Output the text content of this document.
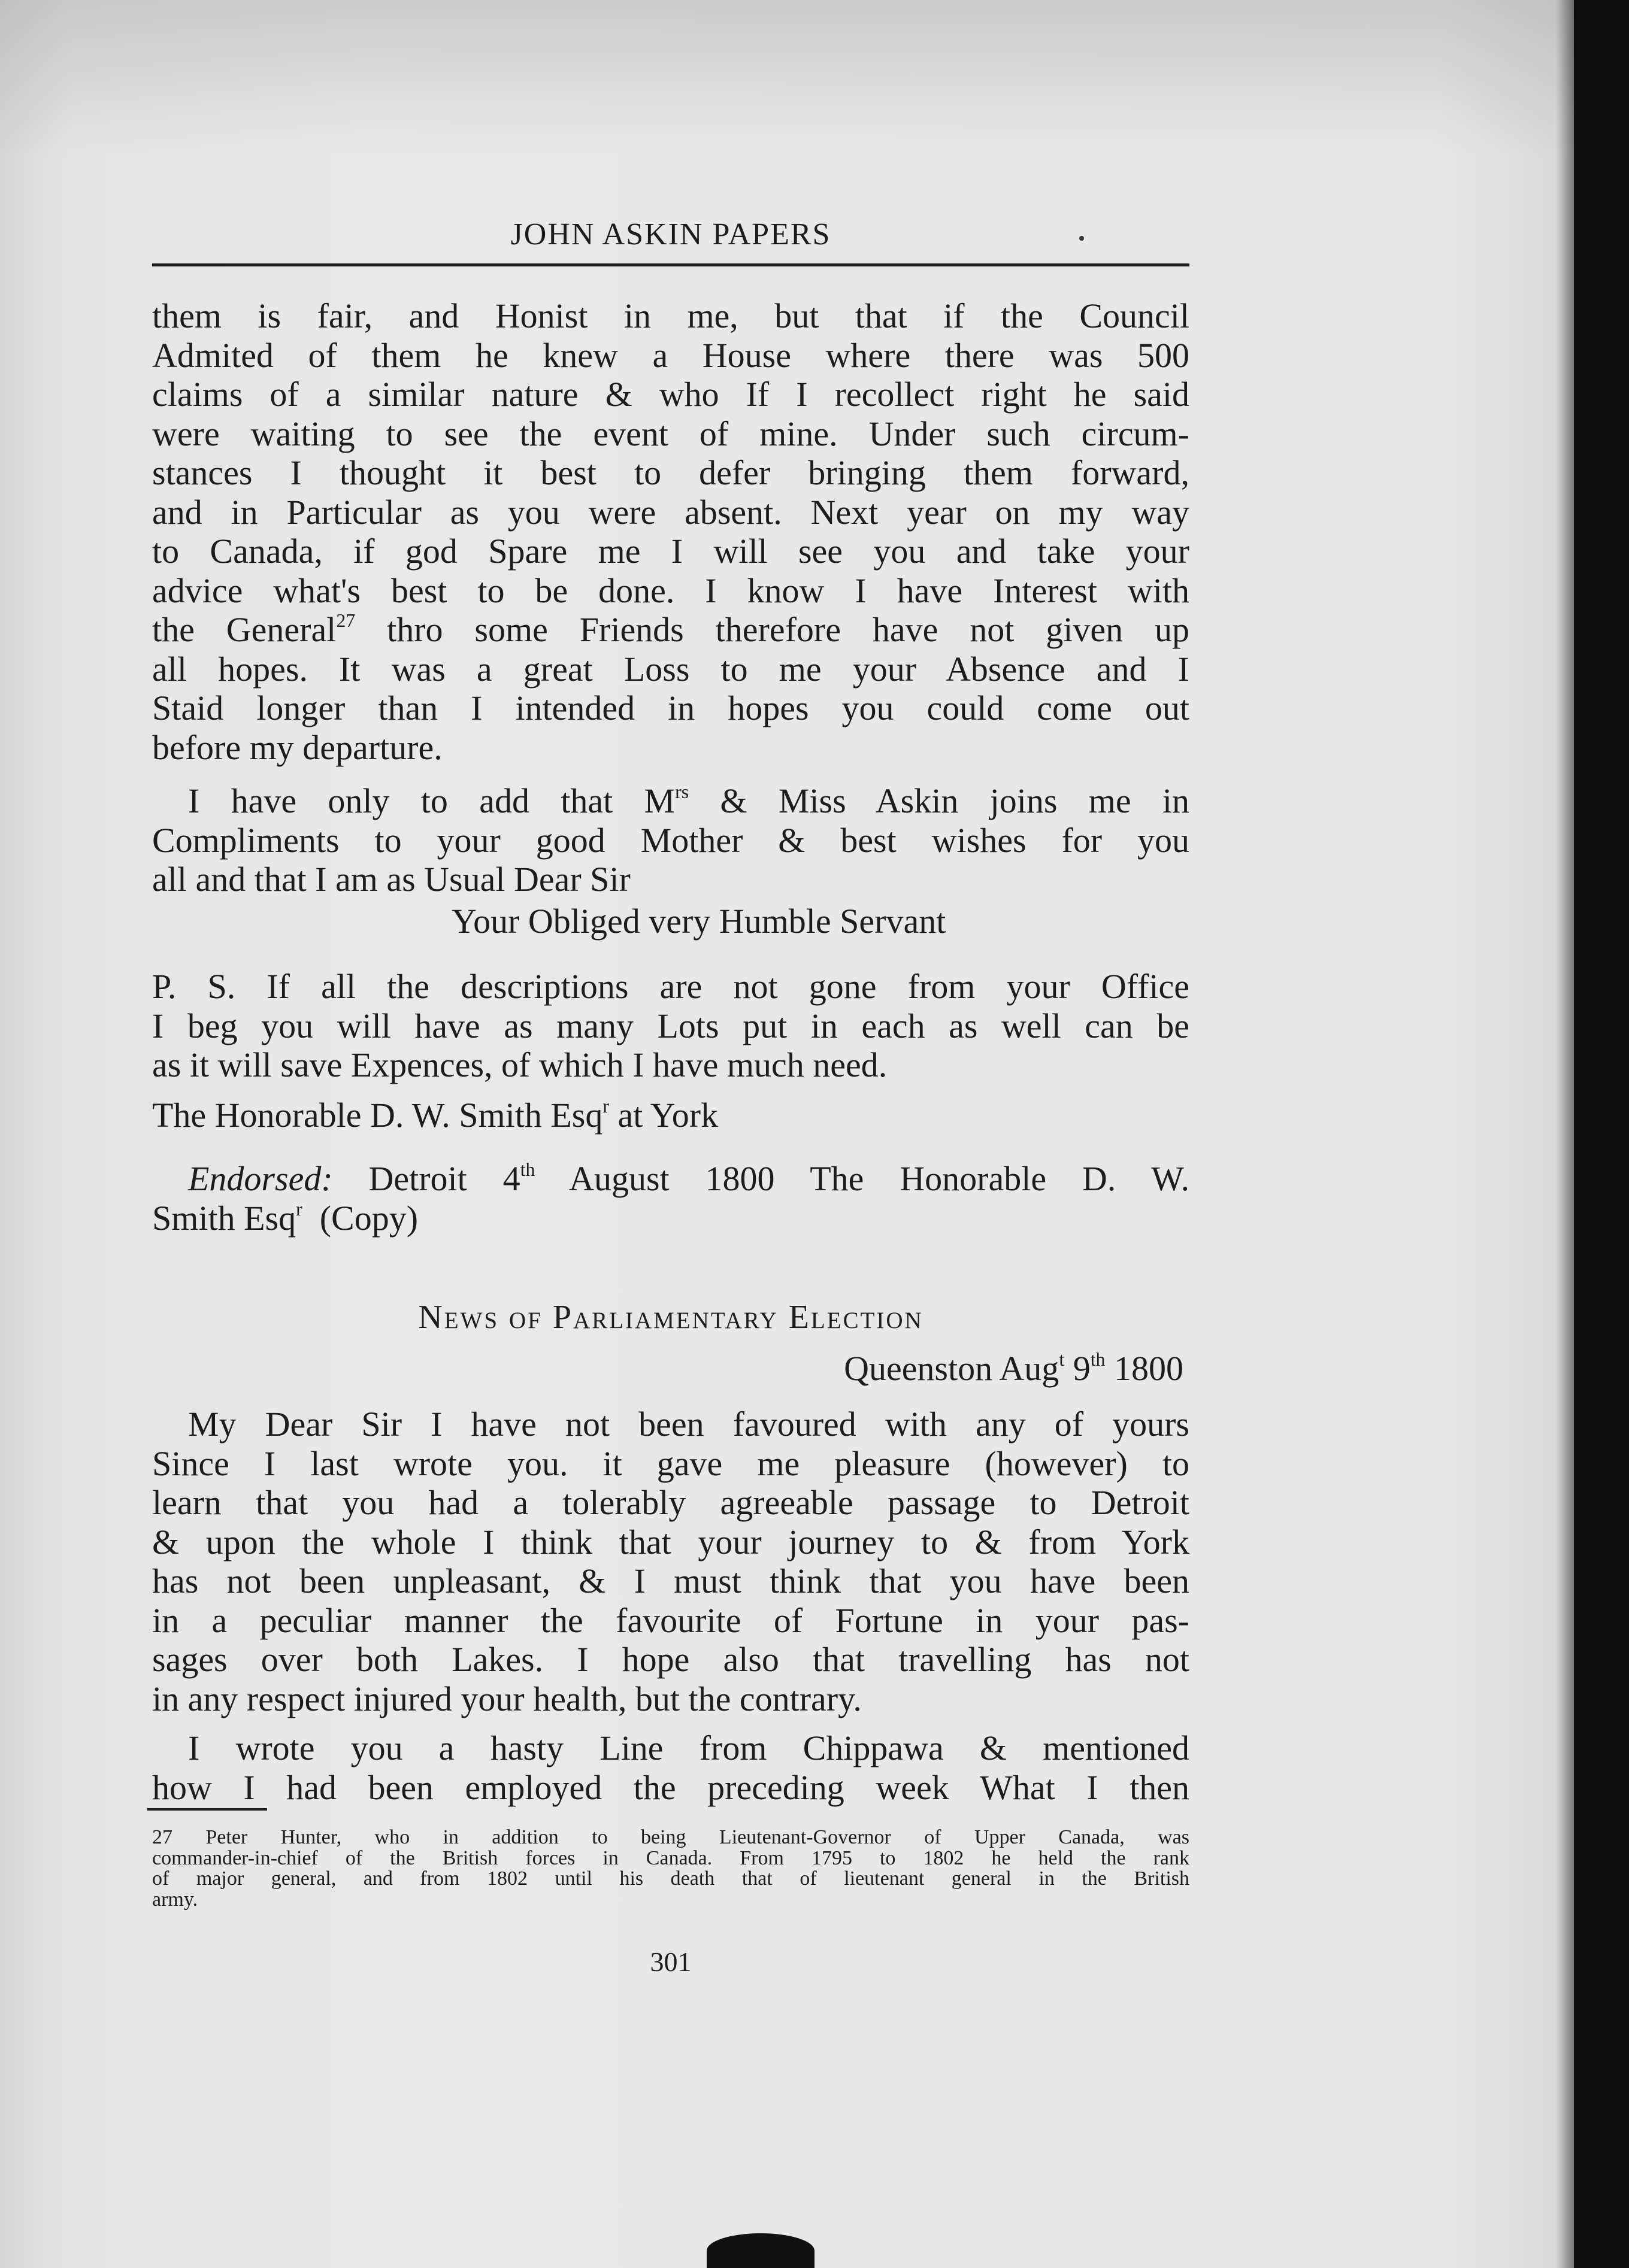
JOHN ASKIN PAPERS
them is fair, and Honist in me, but that if the Council
Admited of them he knew a House where there was 500
claims of a similar nature & who If I recollect right he said
were waiting to see the event of mine. Under such circum-
stances I thought it best to defer bringing them forward,
and in Particular as you were absent. Next year on my way
to Canada, if god Spare me I will see you and take your
advice what's best to be done. I know I have Interest with
the General$^{27}$ thro some Friends therefore have not given up
all hopes. It was a great Loss to me your Absence and I
Staid longer than I intended in hopes you could come out
before my departure.
I have only to add that $M^{rs}$ & Miss Askin joins me in
Compliments to your good Mother & best wishes for you
all and that I am as Usual Dear Sir
Your Obliged very Humble Servant
P. S. If all the descriptions are not gone from your Office
I beg you will have as many Lots put in each as well can be
as it will save Expences, of which I have much need.
The Honorable D. W. Smith Esq$^r$ at York
Endorsed: Detroit 4th August 1800 The Honorable D. W.
Smith Esq$^r$  (Copy)
News of Parliamentary Election
Queenston Aug$^t$ 9th 1800
My Dear Sir I have not been favoured with any of yours
Since I last wrote you. it gave me pleasure (however) to
learn that you had a tolerably agreeable passage to Detroit
& upon the whole I think that your journey to & from York
has not been unpleasant, & I must think that you have been
in a peculiar manner the favourite of Fortune in your pas-
sages over both Lakes. I hope also that travelling has not
in any respect injured your health, but the contrary.
I wrote you a hasty Line from Chippawa & mentioned
how I had been employed the preceding week What I then
27 Peter Hunter, who in addition to being Lieutenant-Governor of Upper Canada, was
commander-in-chief of the British forces in Canada. From 1795 to 1802 he held the rank
of major general, and from 1802 until his death that of lieutenant general in the British
army.
301
